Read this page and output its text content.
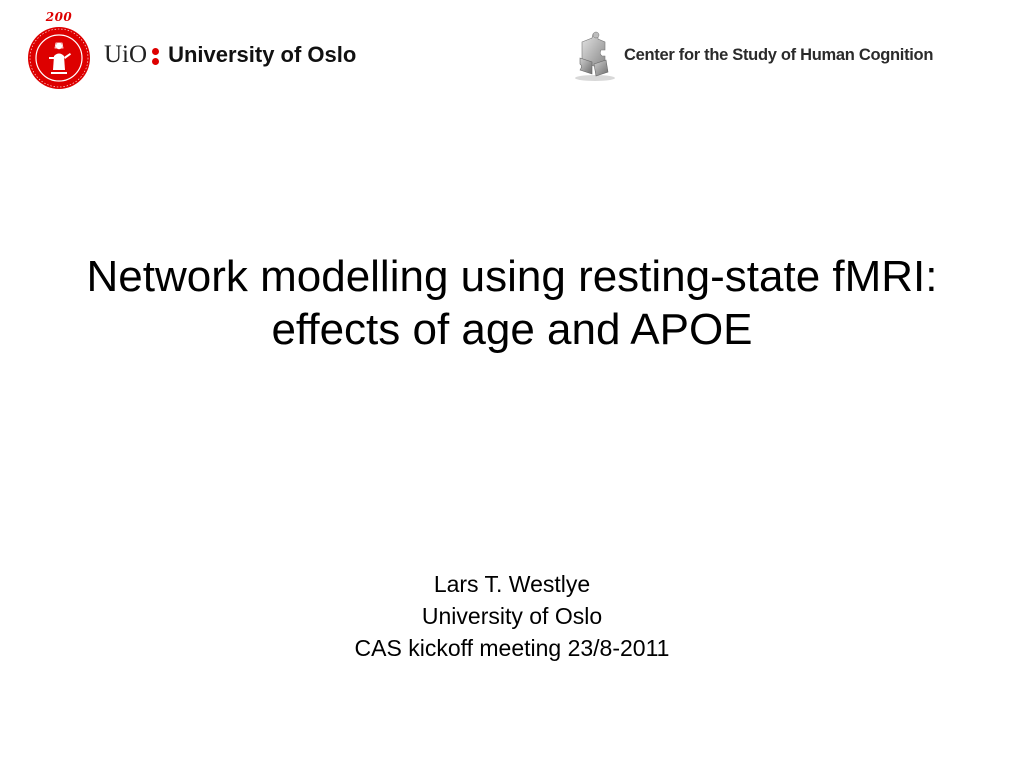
200
UiO University of Oslo	Center for the Study of Human Cognition
Network modelling using resting-state fMRI:
effects of age and APOE
Lars T. Westlye
University of Oslo
CAS kickoff meeting 23/8-2011
